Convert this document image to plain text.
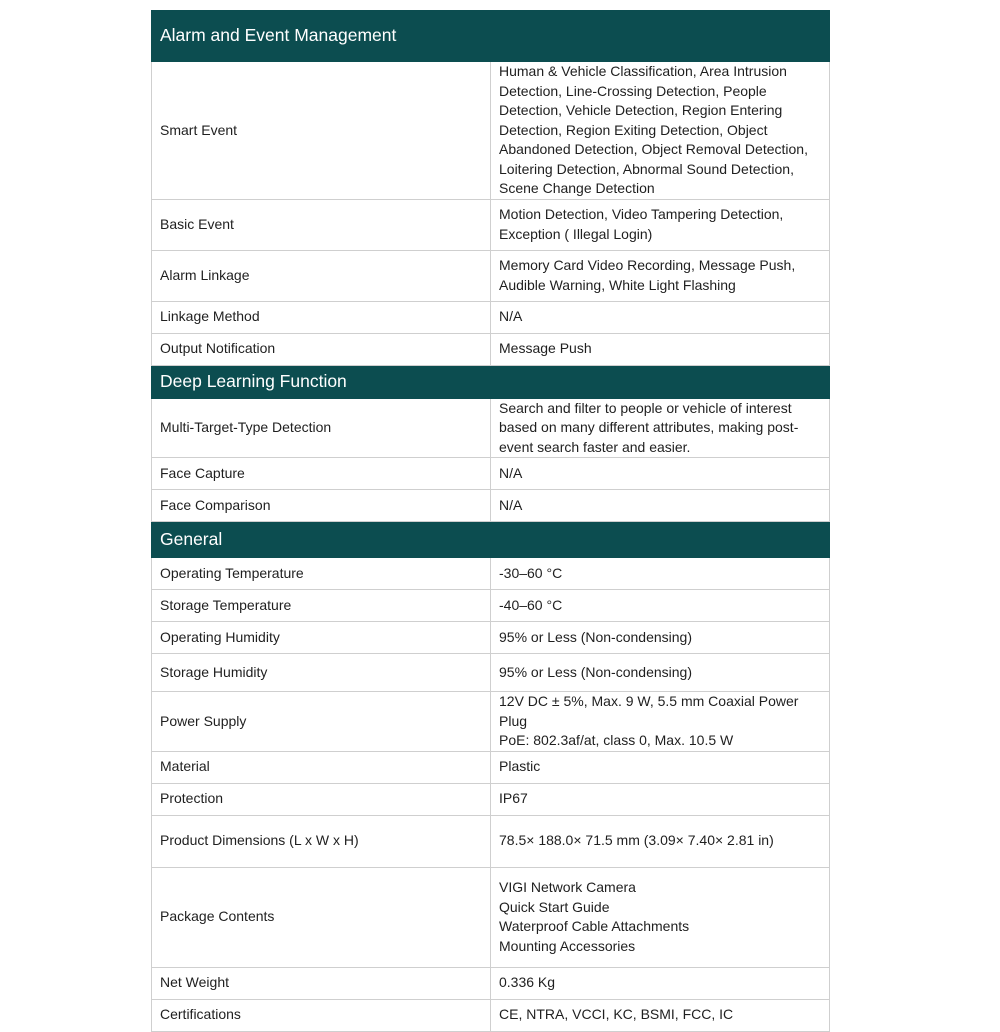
Alarm and Event Management	
Smart Event	Human & Vehicle Classification, Area Intrusion Detection, Line-Crossing Detection, People Detection, Vehicle Detection, Region Entering Detection, Region Exiting Detection, Object Abandoned Detection, Object Removal Detection, Loitering Detection, Abnormal Sound Detection, Scene Change Detection

Basic Event	Motion Detection, Video Tampering Detection, Exception ( Illegal Login)

Alarm Linkage	Memory Card Video Recording, Message Push, Audible Warning, White Light Flashing

Linkage Method	N/A

Output Notification	Message Push

Deep Learning Function	
Multi-Target-Type Detection	Search and filter to people or vehicle of interest based on many different attributes, making post-event search faster and easier.

Face Capture	N/A

Face Comparison	N/A

General	
Operating Temperature	-30–60 °C

Storage Temperature	-40–60 °C

Operating Humidity	95% or Less (Non-condensing)

Storage Humidity	95% or Less (Non-condensing)

Power Supply	12V DC ± 5%, Max. 9 W, 5.5 mm Coaxial Power Plug
PoE: 802.3af/at, class 0, Max. 10.5 W

Material	Plastic

Protection	IP67

Product Dimensions (L x W x H)	78.5× 188.0× 71.5 mm (3.09× 7.40× 2.81 in)

Package Contents	VIGI Network Camera
Quick Start Guide
Waterproof Cable Attachments
Mounting Accessories

Net Weight	0.336 Kg

Certifications	CE, NTRA, VCCI, KC, BSMI, FCC, IC
